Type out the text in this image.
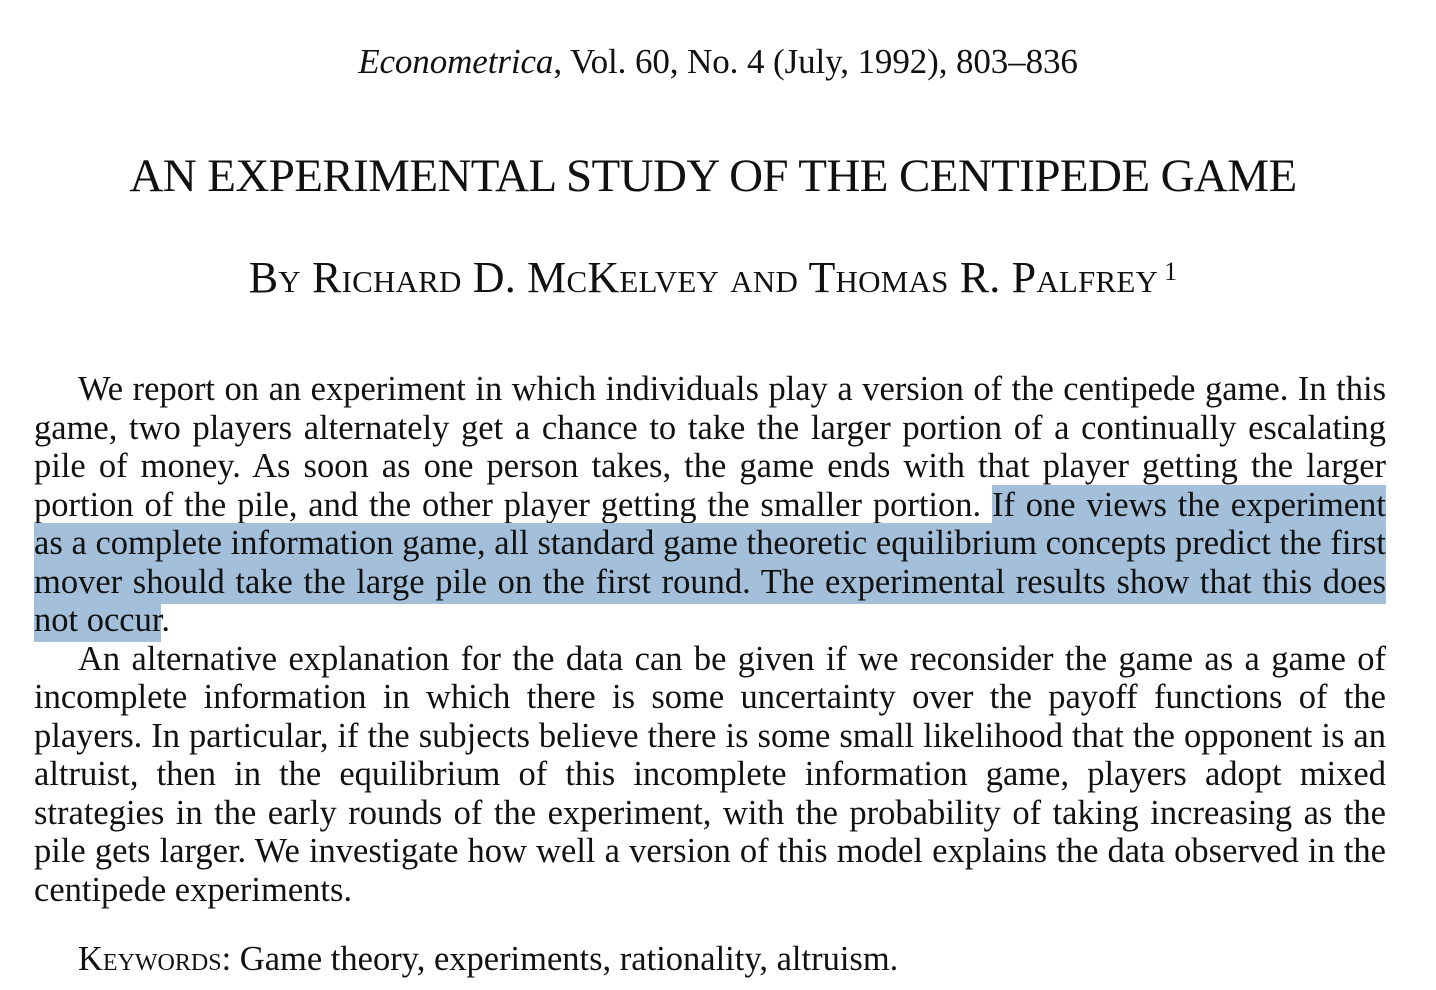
Econometrica, Vol. 60, No. 4 (July, 1992), 803–836
AN EXPERIMENTAL STUDY OF THE CENTIPEDE GAME
By Richard D. McKelvey and Thomas R. Palfrey $^1$

We report on an experiment in which individuals play a version of the centipede game. In this game, two players alternately get a chance to take the larger portion of a continually escalating pile of money. As soon as one person takes, the game ends with that player getting the larger portion of the pile, and the other player getting the smaller portion. If one views the experiment as a complete information game, all standard game theoretic equilibrium concepts predict the first mover should take the large pile on the first round. The experimental results show that this does not occur.

An alternative explanation for the data can be given if we reconsider the game as a game of incomplete information in which there is some uncertainty over the payoff functions of the players. In particular, if the subjects believe there is some small likelihood that the opponent is an altruist, then in the equilibrium of this incomplete information game, players adopt mixed strategies in the early rounds of the experiment, with the probability of taking increasing as the pile gets larger. We investigate how well a version of this model explains the data observed in the centipede experiments.

Keywords: Game theory, experiments, rationality, altruism.
